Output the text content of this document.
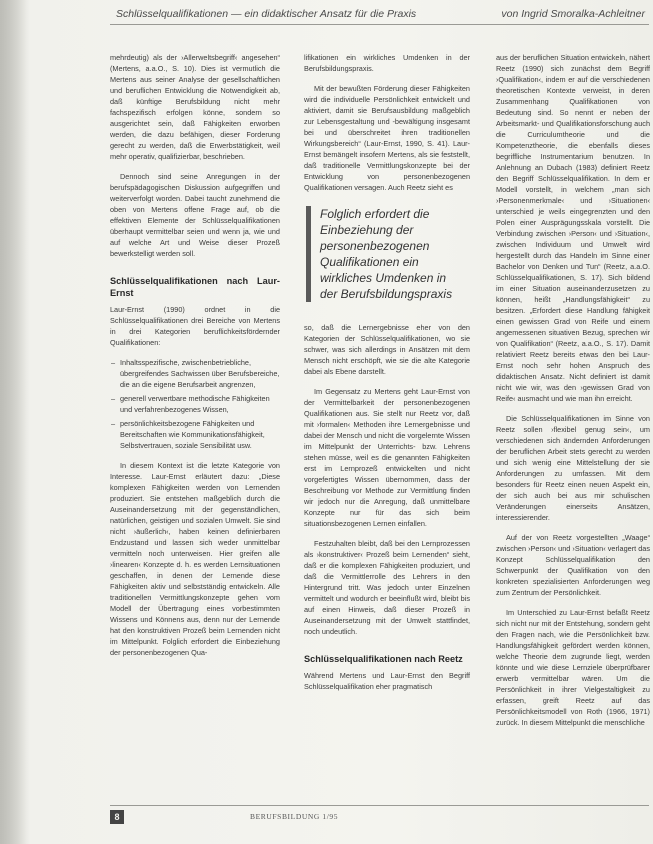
Schlüsselqualifikationen — ein didaktischer Ansatz für die Praxis	von Ingrid Smoralka-Achleitner

mehrdeutig) als der ›Allerweltsbegriff‹ angesehen“ (Mertens, a.a.O., S. 10). Dies ist vermutlich die Mertens aus seiner Analyse der gesellschaftlichen und beruflichen Entwicklung die Notwendigkeit ab, daß künftige Berufsbildung nicht mehr fachspezifisch erfolgen könne, sondern so ausgerichtet sein, daß Fähigkeiten erworben werden, die dazu befähigen, dieser Forderung gerecht zu werden, daß die Erwerbstätigkeit, weil mehr operativ, qualifizierbar, beschrieben.

Dennoch sind seine Anregungen in der berufspädagogischen Diskussion aufgegriffen und weiterverfolgt worden. Dabei taucht zunehmend die oben von Mertens offene Frage auf, ob die effektiven Elemente der Schlüsselqualifikationen überhaupt vermittelbar seien und wenn ja, wie und auf welche Art und Weise dieser Prozeß bewerkstelligt werden soll.

Schlüsselqualifikationen nach Laur-Ernst

Laur-Ernst (1990) ordnet in die Schlüsselqualifikationen drei Bereiche von Mertens in drei Kategorien beruflichkeitsfördernder Qualifikationen:

– Inhaltsspezifische, zwischenbetriebliche, übergreifendes Sachwissen über Berufsbereiche, die an die eigene Berufsarbeit angrenzen,
– generell verwertbare methodische Fähigkeiten und verfahrenbezogenes Wissen,
– persönlichkeitsbezogene Fähigkeiten und Bereitschaften wie Kommunikationsfähigkeit, Selbstvertrauen, soziale Sensibilität usw.

In diesem Kontext ist die letzte Kategorie von Interesse. Laur-Ernst erläutert dazu: „Diese komplexen Fähigkeiten werden von Lernenden produziert. Sie entstehen maßgeblich durch die Auseinandersetzung mit der gegenständlichen, natürlichen, geistigen und sozialen Umwelt. Sie sind nicht ›äußerlich‹, haben keinen definierbaren Endzustand und lassen sich weder unmittelbar vermitteln noch unterweisen. Hier greifen alle ›linearen‹ Konzepte d. h. es werden Lernsituationen geschaffen, in denen der Lernende diese Fähigkeiten aktiv und selbstständig entwickeln. Alle traditionellen Vermittlungskonzepte gehen vom Modell der Übertragung eines vorbestimmten Wissens und Könnens aus, denn nur der Lernende hat den konstruktiven Prozeß beim Lernenden nicht im Mittelpunkt. Folglich erfordert die Einbeziehung der personenbezogenen Qua-

lifikationen ein wirkliches Umdenken in der Berufsbildungspraxis.

Mit der bewußten Förderung dieser Fähigkeiten wird die individuelle Persönlichkeit entwickelt und aktiviert, damit sie Berufsausbildung maßgeblich zur Lebensgestaltung und -bewältigung insgesamt bei und überschreitet ihren traditionellen Wirkungsbereich“ (Laur-Ernst, 1990, S. 41). Laur-Ernst bemängelt insofern Mertens, als sie feststellt, daß traditionelle Vermittlungskonzepte bei der Entwicklung von personenbezogenen Qualifikationen versagen. Auch Reetz sieht es

Folglich erfordert die Einbeziehung der personenbezogenen Qualifikationen ein wirkliches Umdenken in der Berufsbildungspraxis

so, daß die Lernergebnisse eher von den Kategorien der Schlüsselqualifikationen, wo sie schwer, was sich allerdings in Ansätzen mit dem Mensch nicht erschöpft, wie sie die alte Kategorie dabei als Ebene darstellt.

Im Gegensatz zu Mertens geht Laur-Ernst von der Vermittelbarkeit der personenbezogenen Qualifikationen aus. Sie stellt nur Reetz vor, daß mit ›formalen‹ Methoden ihre Lernergebnisse und dabei der Mensch und nicht die vorgelernte Wissen im Mittelpunkt der Unterrichts- bzw. Lehrens stehen müsse, weil es die genannten Fähigkeiten erst im Lernprozeß entwickelten und nicht vorgefertigtes Wissen übernommen, dass der Beschreibung vor Methode zur Vermittlung finden wir jedoch nur die Anregung, daß unmittelbare Konzepte nur für das sich beim situationsbezogenen Lernen einfallen.

Festzuhalten bleibt, daß bei den Lernprozessen als ›konstruktiver‹ Prozeß beim Lernenden“ sieht, daß er die komplexen Fähigkeiten produziert, und daß die Vermittlerrolle des Lehrers in den Hintergrund tritt. Was jedoch unter Einzelnen vermittelt und wodurch er beeinflußt wird, bleibt bis auf einen Hinweis, daß dieser Prozeß in Auseinandersetzung mit der Umwelt stattfindet, noch undeutlich.

Schlüsselqualifikationen nach Reetz

Während Mertens und Laur-Ernst den Begriff Schlüsselqualifikation eher pragmatisch

aus der beruflichen Situation entwickeln, nähert Reetz (1990) sich zunächst dem Begriff ›Qualifikation‹, indem er auf die verschiedenen theoretischen Kontexte verweist, in deren Zusammenhang Qualifikationen von Bedeutung sind. So nennt er neben der Arbeitsmarkt- und Qualifikationsforschung auch die Curriculumtheorie und die Kompetenztheorie, die ebenfalls dieses begriffliche Instrumentarium benutzen. In Anlehnung an Dubach (1983) definiert Reetz den Begriff Schlüsselqualifikation. In dem er Modell vorstellt, in welchem „man sich ›Personenmerkmale‹ und ›Situationen‹ unterschied je weils eingegrenzten und den Polen einer Ausprägungsskala vorstellt. Die Verbindung zwischen ›Person‹ und ›Situation‹, zwischen Individuum und Umwelt wird hergestellt durch das Handeln im Sinne einer Bachelor von Denken und Tun“ (Reetz, a.a.O. Schlüsselqualifikationen, S. 17). Sich bildend im einer Situation auseinanderzusetzen zu können, heißt „Handlungsfähigkeit“ zu besitzen. „Erfordert diese Handlung fähigkeit einen gewissen Grad von Reife und einem angemessenen situativen Bezug, sprechen wir von Qualifikation“ (Reetz, a.a.O., S. 17). Damit relativiert Reetz bereits etwas den bei Laur-Ernst noch sehr hohen Anspruch des didaktischen Ansatz. Nicht definiert ist damit nicht wie wir, was den ›gewissen Grad von Reife‹ ausmacht und wie man ihn erreicht.

Die Schlüsselqualifikationen im Sinne von Reetz sollen ›flexibel genug sein‹, um verschiedenen sich ändernden Anforderungen der beruflichen Arbeit stets gerecht zu werden und sich wenig eine Mittelstellung der sie Anforderungen zu umfassen. Mit dem besonders für Reetz einen neuen Aspekt ein, der sich auch bei aus mir schulischen Veränderungen einerseits Ansätzen, interessierender.

Auf der von Reetz vorgestellten „Waage“ zwischen ›Person‹ und ›Situation‹ verlagert das Konzept Schlüsselqualifikation den Schwerpunkt der Qualifikation von den konkreten spezialisierten Anforderungen weg zum Zentrum der Persönlichkeit.

Im Unterschied zu Laur-Ernst befaßt Reetz sich nicht nur mit der Entstehung, sondern geht den Fragen nach, wie die Persönlichkeit bzw. Handlungsfähigkeit gefördert werden können, welche Theorie dem zugrunde liegt, werden könnte und wie diese Lernziele überprüfbarer erwerb vermittelbar wären. Um die Persönlichkeit in ihrer Vielgestaltigkeit zu erfassen, greift Reetz auf das Persönlichkeitsmodell von Roth (1966, 1971) zurück. In diesem Mittelpunkt die menschliche

8	BERUFSBILDUNG 1/95
